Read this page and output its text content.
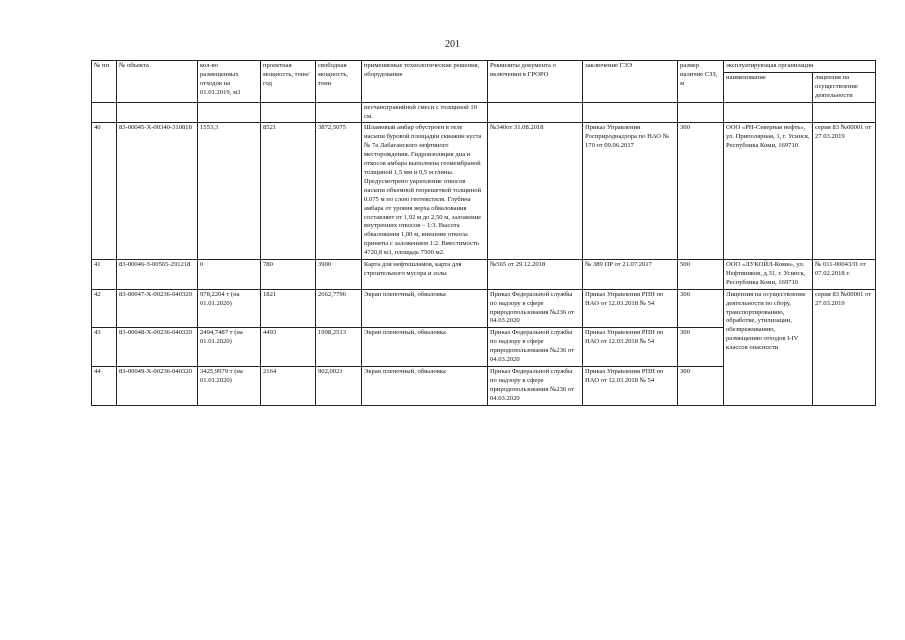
201
№ пп	№ объекта	кол-во размещенных отходов на 01.01.2019, м3	проектная мощность, тонн/год	свободная мощность, тонн	применяемые технологические решения, оборудование	Реквизиты документа о включении в ГРОРО	заключение ГЭЭ	размер наличие СЗЗ, м	эксплуатирующая организация	
									наименование	лицензия на осуществление деятельности
					песчаногравийной смеси с толщиной 10 см.					
40	83-00045-Х-00340-310818	1553,3	8521	3872,5075	Шламовый амбар обустроен в теле насыпи буровой площадки скважин куста № 7а Лабаганского нефтяного месторождения. Гидроизоляция дна и откосов амбара выполнена геомембраной толщиной 1,5 мм и 0,5 м глины. Предусмотрено укрепление откосов насыпи объемной георешеткой толщиной 0.075 м по слою геотекстиля. Глубина амбара от уровня верха обвалования составляет от 1,92 м до 2,50 м, заложение внутренних откосов – 1:3. Высота обвалования 1,00 м, внешние откосы приняты с заложением 1:2. Вместимость 4720,8 м3, площадь 7500 м2.	№340от 31.08.2018	Приказ Управления Росприроднадзора по НАО № 170 от 09.06.2017	300	ООО «РН-Северная нефть», ул. Приполярная, 1, г. Усинск, Республика Коми, 169710	серия 83 №00001 от 27.03.2019
41	83-00046-З-00565-291218	0	780	3900	Карта для нефтешламов, карта для строительного мусора и золы	№565 от 29.12.2018	№ 389 ПР от 21.07.2017	500	ООО «ЛУКОЙЛ-Коми», ул. Нефтяников, д.31, г. Усинск, Республика Коми, 169710	№ 011-00043/П от 07.02.2018 г.
42	83-00047-Х-00236-040320	978,2204 т (на 01.01.2020)	1821	2662,7796	Экран пленочный, обваловка	Приказ Федеральной службы по надзору в сфере природопользования №236 от 04.03.2020	Приказ Управления РПН по НАО от 12.03.2018 № 54	300	Лицензия на осуществление деятельности по сбору, транспортированию, обработке, утилизации, обезвреживанию, размещению отходов I-IV классов опасности	серия 83 №00001 от 27.03.2019
43	83-00048-Х-00236-040320	2494,7487 т (на 01.01.2020)	4493	1998,2513	Экран пленочный, обваловка	Приказ Федеральной службы по надзору в сфере природопользования №236 от 04.03.2020	Приказ Управления РПН по НАО от 12.03.2018 № 54	300		
44	83-00049-Х-00236-040320	3425,9979 т (на 01.01.2020)	2164	902,0021	Экран пленочный, обваловка	Приказ Федеральной службы по надзору в сфере природопользования №236 от 04.03.2020	Приказ Управления РПН по НАО от 12.03.2018 № 54	300		
